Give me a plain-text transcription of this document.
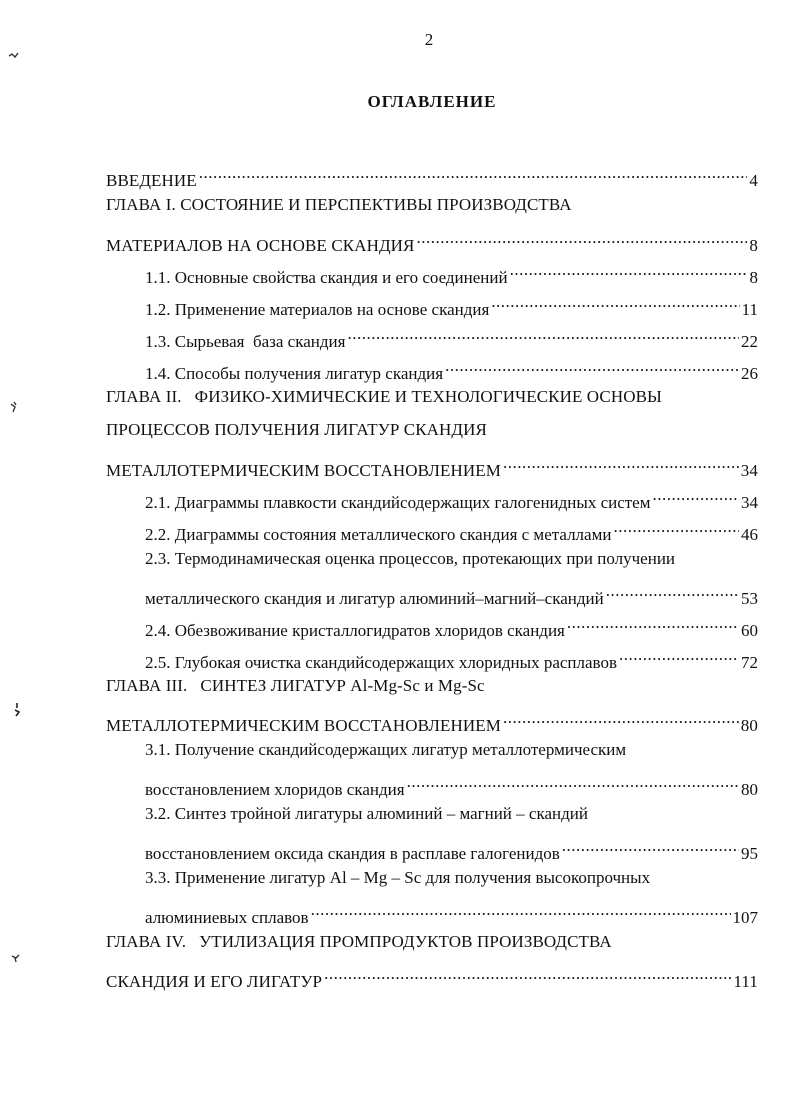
2
ОГЛАВЛЕНИЕ
ВВЕДЕНИЕ .....	4
ГЛАВА I. СОСТОЯНИЕ И ПЕРСПЕКТИВЫ ПРОИЗВОДСТВА
МАТЕРИАЛОВ НА ОСНОВЕ СКАНДИЯ .....	8
1.1. Основные свойства скандия и его соединений .....	8
1.2. Применение материалов на основе скандия .....	11
1.3. Сырьевая  база скандия .....	22
1.4. Способы получения лигатур скандия .....	26
ГЛАВА II.   ФИЗИКО-ХИМИЧЕСКИЕ И ТЕХНОЛОГИЧЕСКИЕ ОСНОВЫ
ПРОЦЕССОВ ПОЛУЧЕНИЯ ЛИГАТУР СКАНДИЯ
МЕТАЛЛОТЕРМИЧЕСКИМ ВОССТАНОВЛЕНИЕМ .....	34
2.1. Диаграммы плавкости скандийсодержащих галогенидных систем .....	34
2.2. Диаграммы состояния металлического скандия с металлами .....	46
2.3. Термодинамическая оценка процессов, протекающих при получении
металлического скандия и лигатур алюминий–магний–скандий .....	53
2.4. Обезвоживание кристаллогидратов хлоридов скандия .....	60
2.5. Глубокая очистка скандийсодержащих хлоридных расплавов .....	72
ГЛАВА III.   СИНТЕЗ ЛИГАТУР Al-Mg-Sc и Mg-Sc
МЕТАЛЛОТЕРМИЧЕСКИМ ВОССТАНОВЛЕНИЕМ .....	80
3.1. Получение скандийсодержащих лигатур металлотермическим
восстановлением хлоридов скандия .....	80
3.2. Синтез тройной лигатуры алюминий – магний – скандий
восстановлением оксида скандия в расплаве галогенидов .....	95
3.3. Применение лигатур Al – Mg – Sc для получения высокопрочных
алюминиевых сплавов .....	107
ГЛАВА IV.   УТИЛИЗАЦИЯ ПРОМПРОДУКТОВ ПРОИЗВОДСТВА
СКАНДИЯ И ЕГО ЛИГАТУР .....	111
